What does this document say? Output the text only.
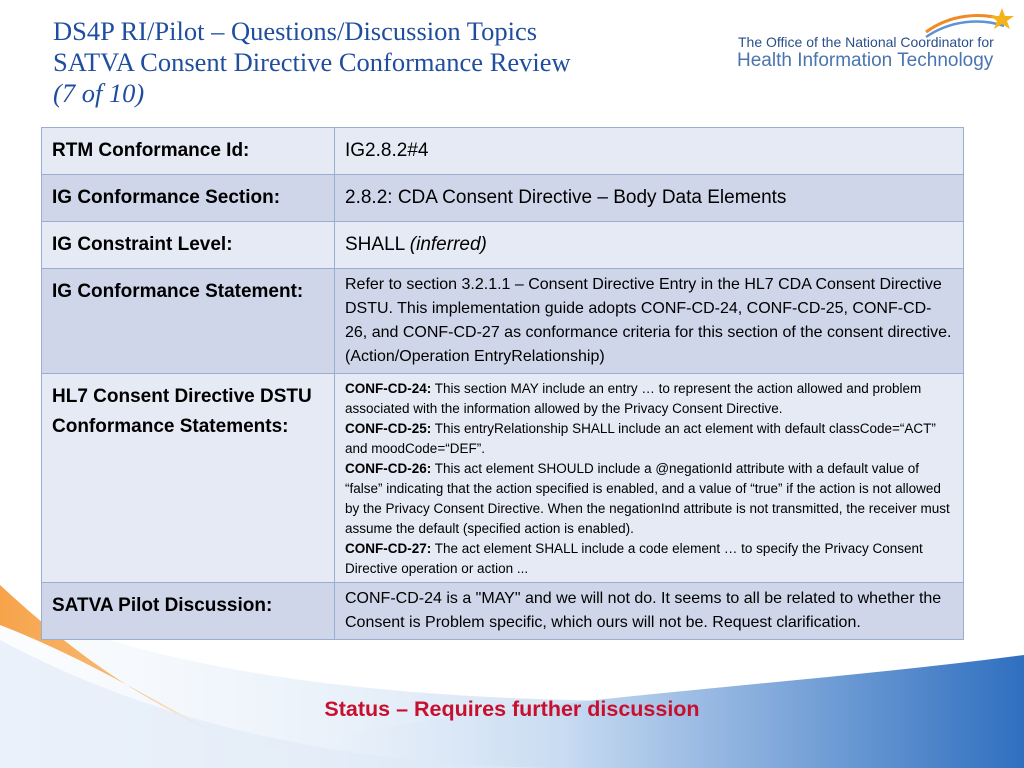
DS4P RI/Pilot – Questions/Discussion Topics
SATVA Consent Directive Conformance Review
(7 of 10)
The Office of the National Coordinator for
Health Information Technology
RTM Conformance Id:	IG2.8.2#4
IG Conformance Section:	2.8.2: CDA Consent Directive – Body Data Elements
IG Constraint Level:	SHALL (inferred)
IG Conformance Statement:	Refer to section 3.2.1.1 – Consent Directive Entry in the HL7 CDA Consent Directive DSTU. This implementation guide adopts CONF-CD-24, CONF-CD-25, CONF-CD-26, and CONF-CD-27 as conformance criteria for this section of the consent directive. (Action/Operation EntryRelationship)
HL7 Consent Directive DSTU Conformance Statements:	CONF-CD-24: This section MAY include an entry … to represent the action allowed and problem associated with the information allowed by the Privacy Consent Directive.
CONF-CD-25: This entryRelationship SHALL include an act element with default classCode=“ACT” and moodCode=“DEF”.
CONF-CD-26: This act element SHOULD include a @negationId attribute with a default value of “false” indicating that the action specified is enabled, and a value of “true” if the action is not allowed by the Privacy Consent Directive. When the negationInd attribute is not transmitted, the receiver must assume the default (specified action is enabled).
CONF-CD-27: The act element SHALL include a code element … to specify the Privacy Consent Directive operation or action ...

SATVA Pilot Discussion:	CONF-CD-24 is a "MAY" and we will not do. It seems to all be related to whether the Consent is Problem specific, which ours will not be. Request clarification.
Status – Requires further discussion
